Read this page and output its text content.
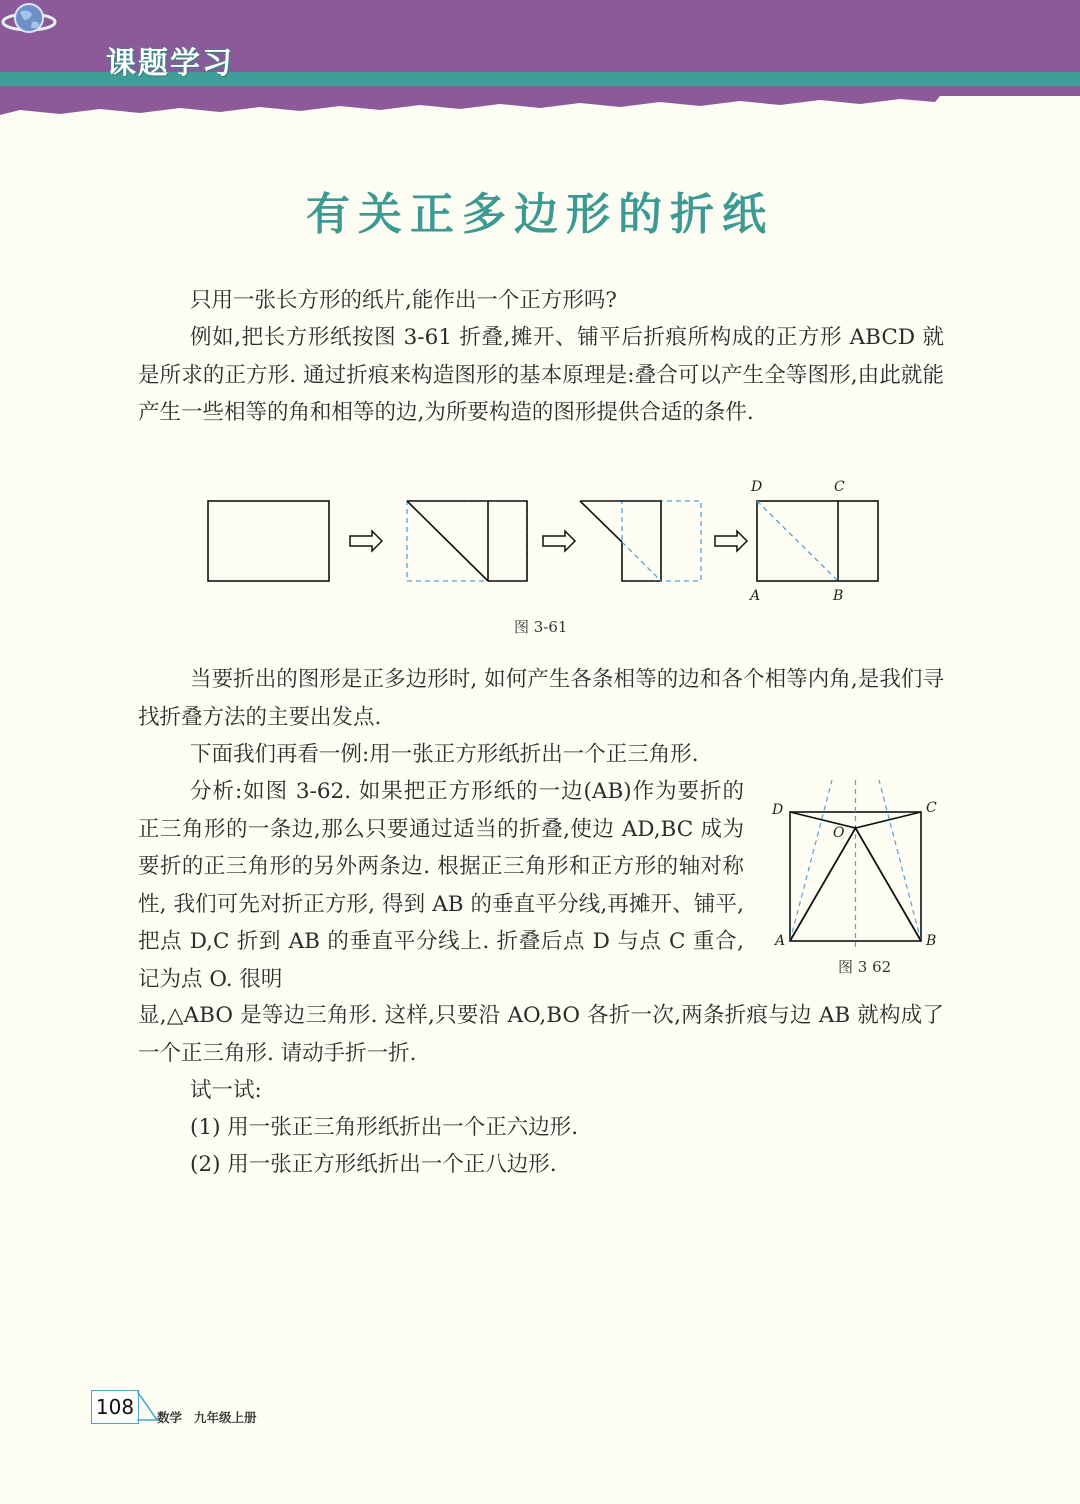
课题学习
有关正多边形的折纸

只用一张长方形的纸片,能作出一个正方形吗?

例如,把长方形纸按图 3-61 折叠,摊开、铺平后折痕所构成的正方形 ABCD 就是所求的正方形. 通过折痕来构造图形的基本原理是:叠合可以产生全等图形,由此就能产生一些相等的角和相等的边,为所要构造的图形提供合适的条件.

D	C
A	B
图 3-61

当要折出的图形是正多边形时, 如何产生各条相等的边和各个相等内角,是我们寻找折叠方法的主要出发点.

下面我们再看一例:用一张正方形纸折出一个正三角形.

分析:如图 3-62. 如果把正方形纸的一边(AB)作为要折的正三角形的一条边,那么只要通过适当的折叠,使边 AD,BC 成为要折的正三角形的另外两条边. 根据正三角形和正方形的轴对称性, 我们可先对折正方形, 得到 AB 的垂直平分线,再摊开、铺平,把点 D,C 折到 AB 的垂直平分线上. 折叠后点 D 与点 C 重合, 记为点 O. 很明

D	C
O
A	B
图 3 62

显,△ABO 是等边三角形. 这样,只要沿 AO,BO 各折一次,两条折痕与边 AB 就构成了一个正三角形. 请动手折一折.

试一试:

(1) 用一张正三角形纸折出一个正六边形.

(2) 用一张正方形纸折出一个正八边形.

108	数学 九年级上册
